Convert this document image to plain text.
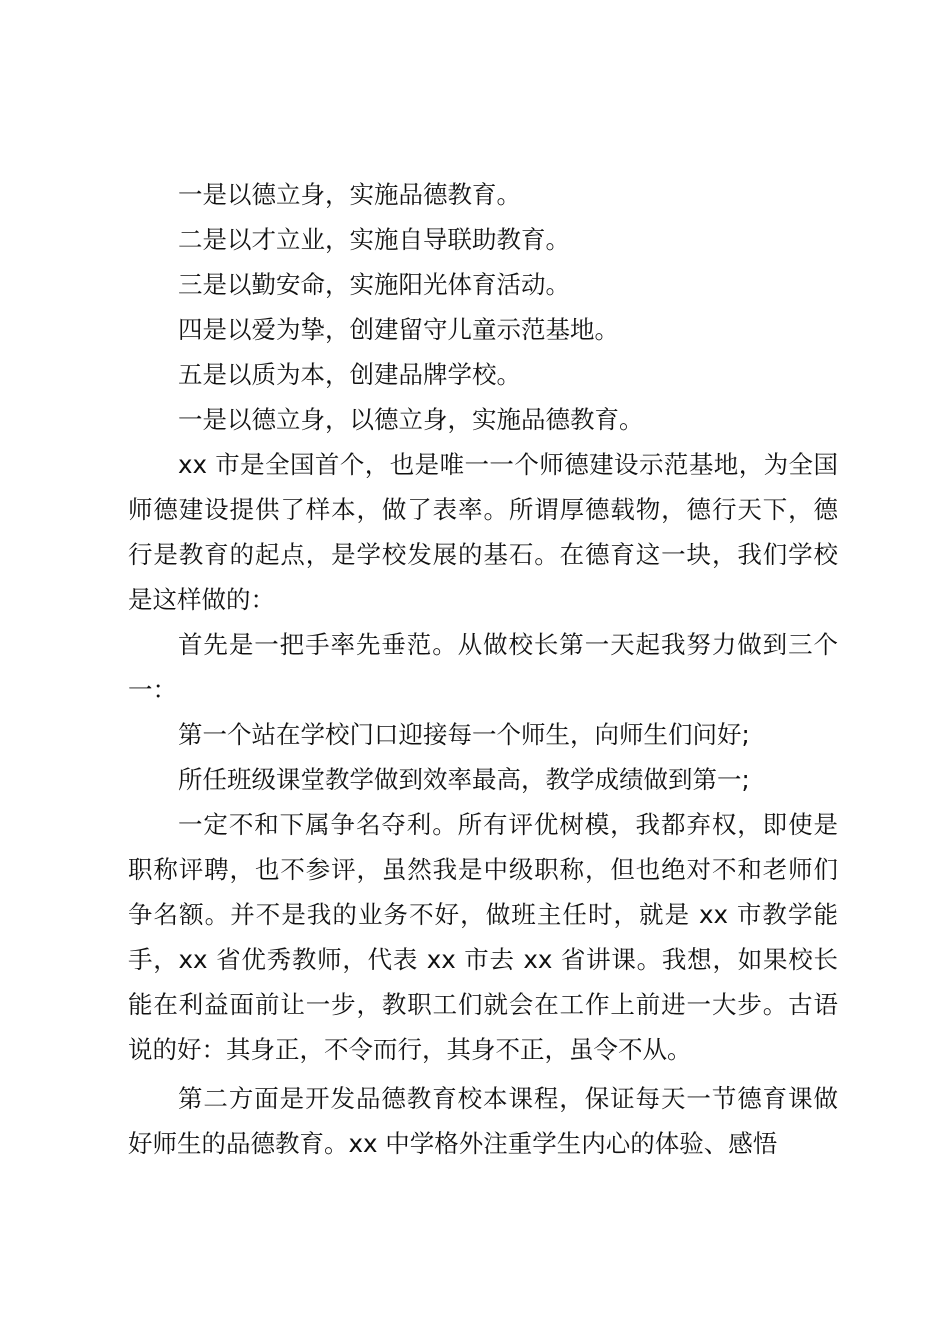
一是以德立身，实施品德教育。

二是以才立业，实施自导联助教育。

三是以勤安命，实施阳光体育活动。

四是以爱为挚，创建留守儿童示范基地。

五是以质为本，创建品牌学校。

一是以德立身，以德立身，实施品德教育。

xx 市是全国首个，也是唯一一个师德建设示范基地，为全国师德建设提供了样本，做了表率。所谓厚德载物，德行天下，德行是教育的起点，是学校发展的基石。在德育这一块，我们学校是这样做的：

首先是一把手率先垂范。从做校长第一天起我努力做到三个一：

第一个站在学校门口迎接每一个师生，向师生们问好;

所任班级课堂教学做到效率最高，教学成绩做到第一;

一定不和下属争名夺利。所有评优树模，我都弃权，即使是职称评聘，也不参评，虽然我是中级职称，但也绝对不和老师们争名额。并不是我的业务不好，做班主任时，就是 xx 市教学能手，xx 省优秀教师，代表 xx 市去 xx 省讲课。我想，如果校长能在利益面前让一步，教职工们就会在工作上前进一大步。古语说的好：其身正，不令而行，其身不正，虽令不从。

第二方面是开发品德教育校本课程，保证每天一节德育课做好师生的品德教育。xx 中学格外注重学生内心的体验、感悟
